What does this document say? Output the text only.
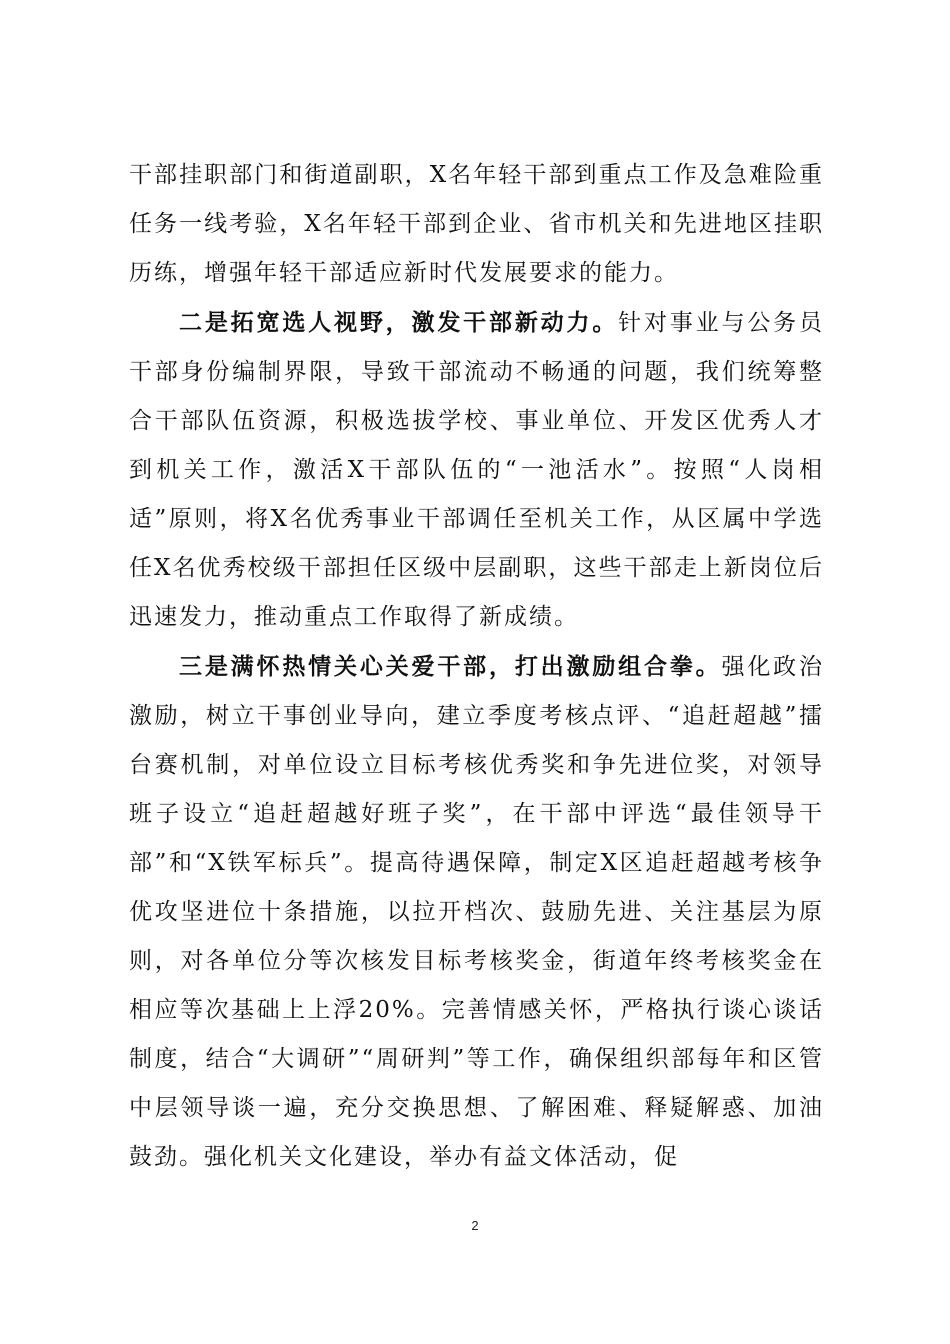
干部挂职部门和街道副职，X名年轻干部到重点工作及急难险重任务一线考验，X名年轻干部到企业、省市机关和先进地区挂职历练，增强年轻干部适应新时代发展要求的能力。

二是拓宽选人视野，激发干部新动力。针对事业与公务员干部身份编制界限，导致干部流动不畅通的问题，我们统筹整合干部队伍资源，积极选拔学校、事业单位、开发区优秀人才到机关工作，激活X干部队伍的“一池活水”。按照“人岗相适”原则，将X名优秀事业干部调任至机关工作，从区属中学选任X名优秀校级干部担任区级中层副职，这些干部走上新岗位后迅速发力，推动重点工作取得了新成绩。

三是满怀热情关心关爱干部，打出激励组合拳。强化政治激励，树立干事创业导向，建立季度考核点评、“追赶超越”擂台赛机制，对单位设立目标考核优秀奖和争先进位奖，对领导班子设立“追赶超越好班子奖”，在干部中评选“最佳领导干部”和“X铁军标兵”。提高待遇保障，制定X区追赶超越考核争优攻坚进位十条措施，以拉开档次、鼓励先进、关注基层为原则，对各单位分等次核发目标考核奖金，街道年终考核奖金在相应等次基础上上浮20%。完善情感关怀，严格执行谈心谈话制度，结合“大调研”“周研判”等工作，确保组织部每年和区管中层领导谈一遍，充分交换思想、了解困难、释疑解惑、加油鼓劲。强化机关文化建设，举办有益文体活动，促

2
